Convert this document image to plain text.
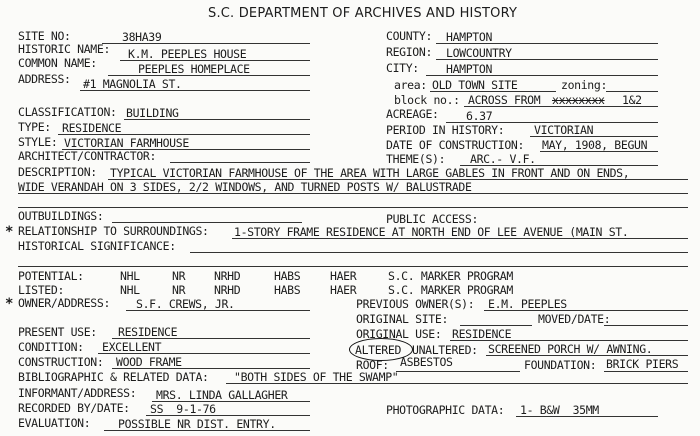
S.C. DEPARTMENT OF ARCHIVES AND HISTORY
SITE NO:	38HA39	COUNTY: HAMPTON
HISTORIC NAME: K.M. PEEPLES HOUSE	REGION: LOWCOUNTRY
COMMON NAME:	PEEPLES HOMEPLACE	CITY: HAMPTON
ADDRESS: #1 MAGNOLIA ST.	area: OLD TOWN SITE	zoning:
block no.: ACROSS FROM xxxxxxxx 1&2
CLASSIFICATION: BUILDING	ACREAGE: 6.37
TYPE: RESIDENCE	PERIOD IN HISTORY:	VICTORIAN
STYLE: VICTORIAN FARMHOUSE	DATE OF CONSTRUCTION: MAY, 1908, BEGUN
ARCHITECT/CONTRACTOR:	THEME(S): ARC.- V.F.
DESCRIPTION: TYPICAL VICTORIAN FARMHOUSE OF THE AREA WITH LARGE GABLES IN FRONT AND ON ENDS,
WIDE VERANDAH ON 3 SIDES, 2/2 WINDOWS, AND TURNED POSTS W/ BALUSTRADE
OUTBUILDINGS:	PUBLIC ACCESS:
* RELATIONSHIP TO SURROUNDINGS: 1-STORY FRAME RESIDENCE AT NORTH END OF LEE AVENUE (MAIN ST.
HISTORICAL SIGNIFICANCE:
POTENTIAL:	NHL	NR	NRHD	HABS	HAER	S.C. MARKER PROGRAM
LISTED:	NHL	NR	NRHD	HABS	HAER	S.C. MARKER PROGRAM
* OWNER/ADDRESS: S.F. CREWS, JR.	PREVIOUS OWNER(S): E.M. PEEPLES
ORIGINAL SITE:	MOVED/DATE:
PRESENT USE: RESIDENCE	ORIGINAL USE: RESIDENCE
CONDITION: EXCELLENT	ALTERED UNALTERED: SCREENED PORCH W/ AWNING.
CONSTRUCTION: WOOD FRAME	ROOF: ASBESTOS	FOUNDATION: BRICK PIERS
BIBLIOGRAPHIC & RELATED DATA: "BOTH SIDES OF THE SWAMP"
INFORMANT/ADDRESS: MRS. LINDA GALLAGHER
RECORDED BY/DATE: SS  9-1-76	PHOTOGRAPHIC DATA: 1- B&W  35MM
EVALUATION: POSSIBLE NR DIST. ENTRY.
